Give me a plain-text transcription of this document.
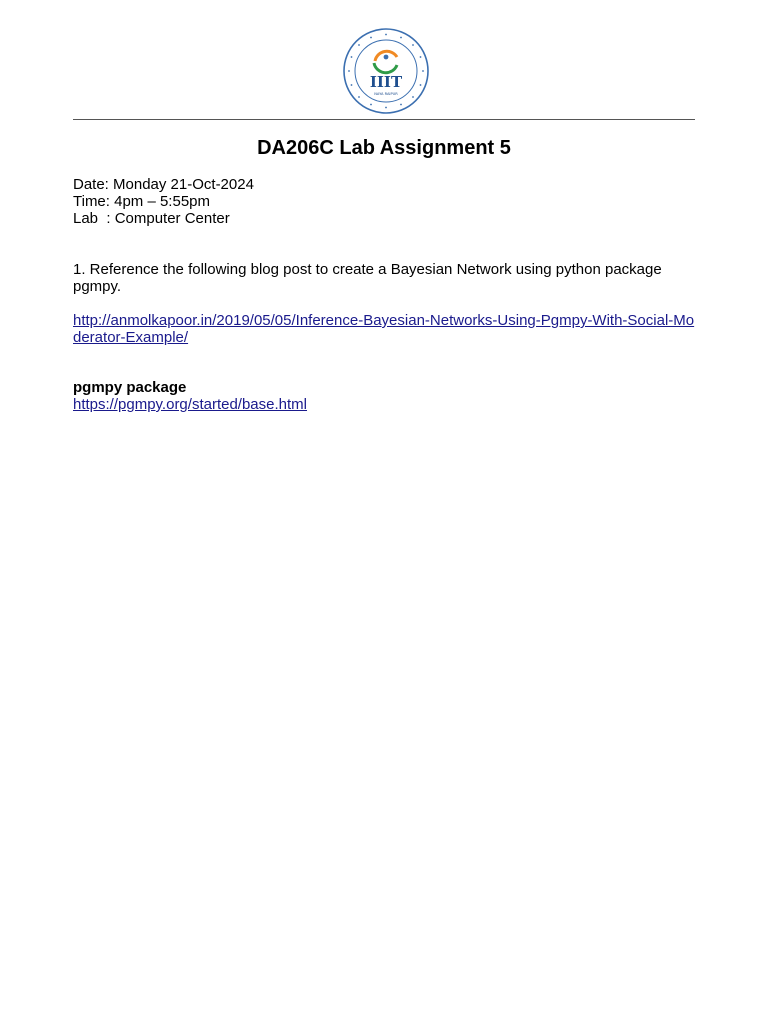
IIIT
NAYA RAIPUR
DA206C Lab Assignment 5
Date: Monday 21-Oct-2024
Time: 4pm – 5:55pm
Lab  : Computer Center
1. Reference the following blog post to create a Bayesian Network using python package pgmpy.
http://anmolkapoor.in/2019/05/05/Inference-Bayesian-Networks-Using-Pgmpy-With-Social-Moderator-Example/
pgmpy package
https://pgmpy.org/started/base.html
